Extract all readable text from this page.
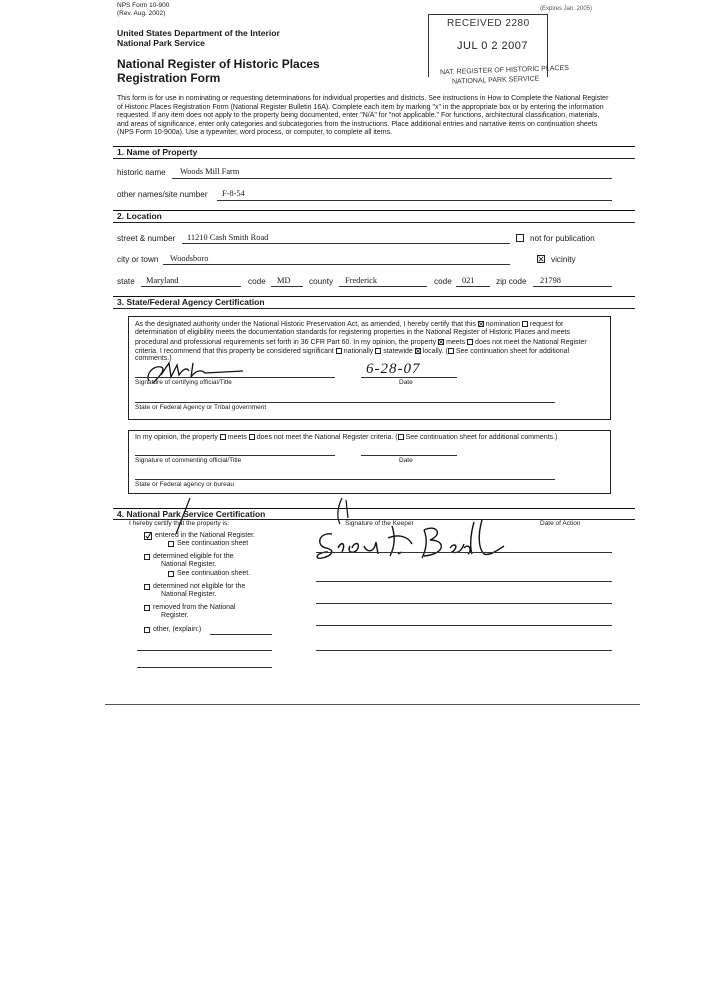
NPS Form 10-900
(Rev. Aug. 2002)
(Expires Jan. 2005)
United States Department of the Interior
National Park Service
National Register of Historic Places
Registration Form
RECEIVED 2280
JUL 0 2 2007
NAT. REGISTER OF HISTORIC PLACES
NATIONAL PARK SERVICE
This form is for use in nominating or requesting determinations for individual properties and districts. See instructions in How to Complete the National Register
of Historic Places Registration Form (National Register Bulletin 16A). Complete each item by marking "x" in the appropriate box or by entering the information
requested. If any item does not apply to the property being documented, enter "N/A" for "not applicable." For functions, architectural classification, materials,
and areas of significance, enter only categories and subcategories from the instructions. Place additional entries and narrative items on continuation sheets
(NPS Form 10-900a). Use a typewriter, word process, or computer, to complete all items.
1. Name of Property
historic name Woods Mill Farm
other names/site number F-8-54
2. Location
street & number 11210 Cash Smith Road	not for publication
city or town Woodsboro	vicinity
state Maryland	code MD county Frederick	code 021	zip code 21798
3. State/Federal Agency Certification
As the designated authority under the National Historic Preservation Act, as amended, I hereby certify that this nomination request for
determination of eligibility meets the documentation standards for registering properties in the National Register of Historic Places and meets
procedural and professional requirements set forth in 36 CFR Part 60. In my opinion, the property meets does not meet the National Register
criteria. I recommend that this property be considered significant nationally statewide locally. ( See continuation sheet for additional
comments.)
Signature of certifying official/Title
6-28-07
Date
State or Federal Agency or Tribal government
In my opinion, the property meets does not meet the National Register criteria. ( See continuation sheet for additional comments.)
Signature of commenting official/Title	Date
State or Federal agency or bureau
4. National Park Service Certification
I hereby certify that the property is:	Signature of the Keeper	Date of Action
entered in the National Register.
See continuation sheet
determined eligible for the
National Register.
See continuation sheet.
determined not eligible for the
National Register.
removed from the National
Register.
other, (explain:)
